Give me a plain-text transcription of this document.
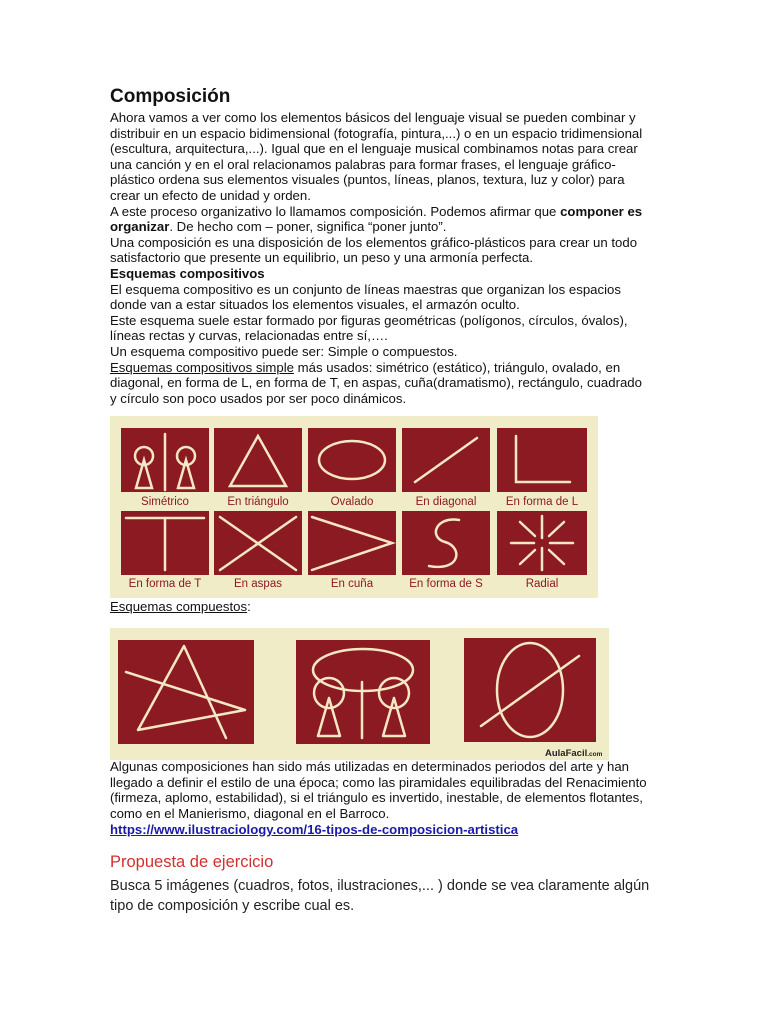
Composición

Ahora vamos a ver como los elementos básicos del lenguaje visual se pueden combinar y distribuir en un espacio bidimensional (fotografía, pintura,...) o en un espacio tridimensional (escultura, arquitectura,...). Igual que en el lenguaje musical combinamos notas para crear una canción y en el oral relacionamos palabras para formar frases, el lenguaje gráfico-plástico ordena sus elementos visuales (puntos, líneas, planos, textura, luz y color) para crear un efecto de unidad y orden.

A este proceso organizativo lo llamamos composición. Podemos afirmar que componer es organizar. De hecho com – poner, significa “poner junto”.

Una composición es una disposición de los elementos gráfico-plásticos para crear un todo satisfactorio que presente un equilibrio, un peso y una armonía perfecta.

Esquemas compositivos

El esquema compositivo es un conjunto de líneas maestras que organizan los espacios donde van a estar situados los elementos visuales, el armazón oculto.

Este esquema suele estar formado por figuras geométricas (polígonos, círculos, óvalos), líneas rectas y curvas, relacionadas entre sí,….

Un esquema compositivo puede ser: Simple o compuestos.

Esquemas compositivos simple más usados: simétrico (estático), triángulo, ovalado, en diagonal, en forma de L, en forma de T, en aspas, cuña(dramatismo), rectángulo, cuadrado y círculo son poco usados por ser poco dinámicos.

Simétrico	En triángulo	Ovalado	En diagonal	En forma de L
En forma de T	En aspas	En cuña	En forma de S	Radial
Esquemas compuestos:
AulaFacil.com

Algunas composiciones han sido más utilizadas en determinados periodos del arte y han llegado a definir el estilo de una época; como las piramidales equilibradas del Renacimiento (firmeza, aplomo, estabilidad), si el triángulo es invertido, inestable, de elementos flotantes, como en el Manierismo, diagonal en el Barroco.

https://www.ilustraciology.com/16-tipos-de-composicion-artistica
Propuesta de ejercicio

Busca 5 imágenes (cuadros, fotos, ilustraciones,... ) donde se vea claramente algún tipo de composición y escribe cual es.
